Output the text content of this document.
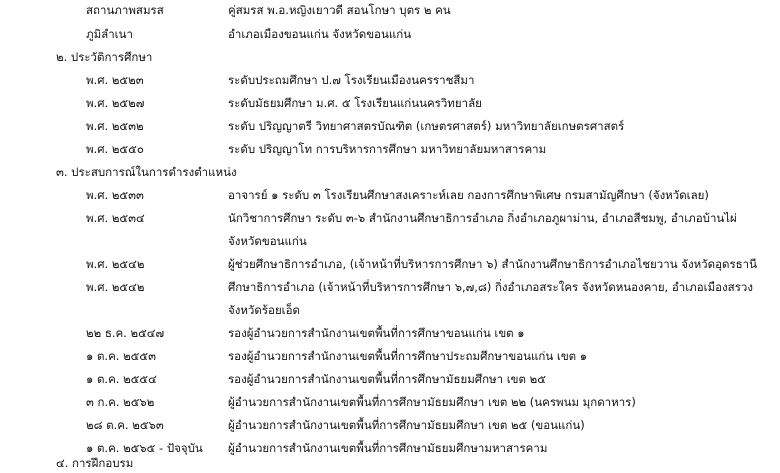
สถานภาพสมรส	คู่สมรส พ.อ.หญิงเยาวดี สอนโกษา บุตร ๒ คน
ภูมิลำเนา	อำเภอเมืองขอนแก่น จังหวัดขอนแก่น
๒. ประวัติการศึกษา
พ.ศ. ๒๕๒๓	ระดับประถมศึกษา ป.๗ โรงเรียนเมืองนครราชสีมา
พ.ศ. ๒๕๒๗	ระดับมัธยมศึกษา ม.ศ. ๕ โรงเรียนแก่นนครวิทยาลัย
พ.ศ. ๒๕๓๒	ระดับ ปริญญาตรี วิทยาศาสตรบัณฑิต (เกษตรศาสตร์) มหาวิทยาลัยเกษตรศาสตร์
พ.ศ. ๒๕๕๐	ระดับ ปริญญาโท การบริหารการศึกษา มหาวิทยาลัยมหาสารคาม
๓. ประสบการณ์ในการดำรงตำแหน่ง
พ.ศ. ๒๕๓๓	อาจารย์ ๑ ระดับ ๓ โรงเรียนศึกษาสงเคราะห์เลย กองการศึกษาพิเศษ กรมสามัญศึกษา (จังหวัดเลย)
พ.ศ. ๒๕๓๔	นักวิชาการศึกษา ระดับ ๓-๖ สำนักงานศึกษาธิการอำเภอ กิ่งอำเภอภูผาม่าน, อำเภอสีชมพู, อำเภอบ้านไผ่
จังหวัดขอนแก่น
พ.ศ. ๒๕๔๒	ผู้ช่วยศึกษาธิการอำเภอ, (เจ้าหน้าที่บริหารการศึกษา ๖) สำนักงานศึกษาธิการอำเภอไชยวาน จังหวัดอุดรธานี
พ.ศ. ๒๕๔๒	ศึกษาธิการอำเภอ (เจ้าหน้าที่บริหารการศึกษา ๖,๗,๘) กิ่งอำเภอสระใคร จังหวัดหนองคาย, อำเภอเมืองสรวง
จังหวัดร้อยเอ็ด
๒๒ ธ.ค. ๒๕๔๗	รองผู้อำนวยการสำนักงานเขตพื้นที่การศึกษาขอนแก่น เขต ๑
๑ ต.ค. ๒๕๕๓	รองผู้อำนวยการสำนักงานเขตพื้นที่การศึกษาประถมศึกษาขอนแก่น เขต ๑
๑ ต.ค. ๒๕๕๔	รองผู้อำนวยการสำนักงานเขตพื้นที่การศึกษามัธยมศึกษา เขต ๒๕
๓ ก.ค. ๒๕๖๒	ผู้อำนวยการสำนักงานเขตพื้นที่การศึกษามัธยมศึกษา เขต ๒๒ (นครพนม มุกดาหาร)
๒๘ ต.ค. ๒๕๖๓	ผู้อำนวยการสำนักงานเขตพื้นที่การศึกษามัธยมศึกษา เขต ๒๕ (ขอนแก่น)
๑ ต.ค. ๒๕๖๕ - ปัจจุบัน ผู้อำนวยการสำนักงานเขตพื้นที่การศึกษามัธยมศึกษามหาสารคาม
๔. การฝึกอบรม
